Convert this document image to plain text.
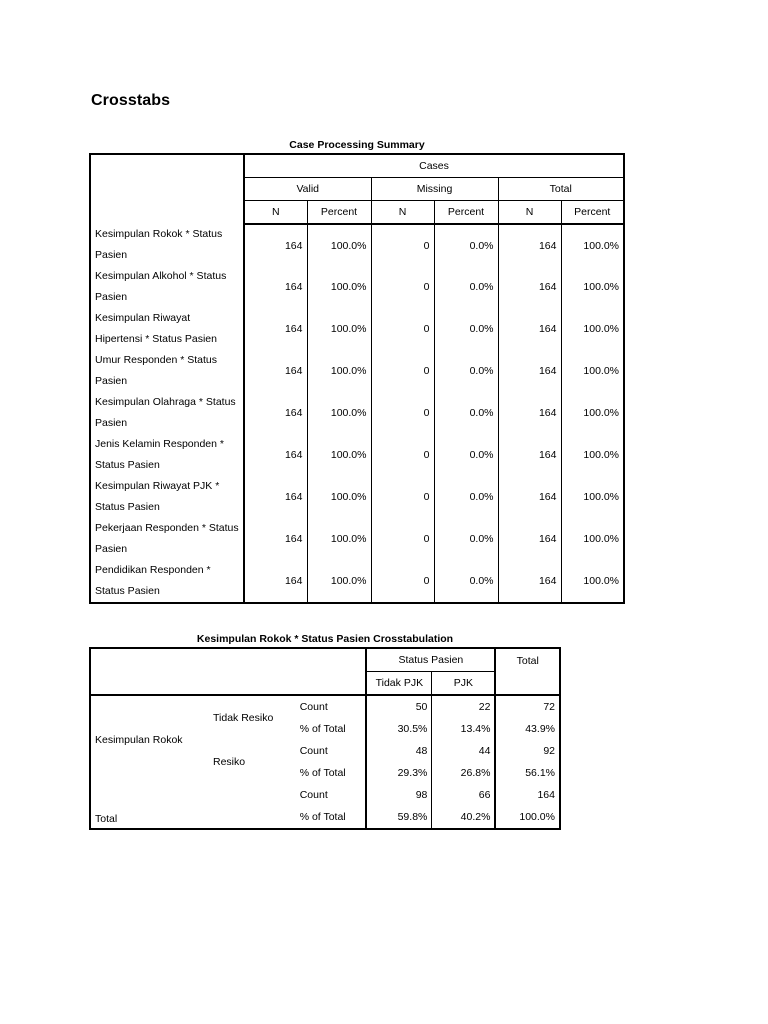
Crosstabs
Case Processing Summary
	Cases					
	Valid		Missing		Total	
	N	Percent	N	Percent	N	Percent
Kesimpulan Rokok * Status Pasien	164	100.0%	0	0.0%	164	100.0%
Kesimpulan Alkohol * Status Pasien	164	100.0%	0	0.0%	164	100.0%
Kesimpulan Riwayat Hipertensi * Status Pasien	164	100.0%	0	0.0%	164	100.0%
Umur Responden * Status Pasien	164	100.0%	0	0.0%	164	100.0%
Kesimpulan Olahraga * Status Pasien	164	100.0%	0	0.0%	164	100.0%
Jenis Kelamin Responden * Status Pasien	164	100.0%	0	0.0%	164	100.0%
Kesimpulan Riwayat PJK * Status Pasien	164	100.0%	0	0.0%	164	100.0%
Pekerjaan Responden * Status Pasien	164	100.0%	0	0.0%	164	100.0%
Pendidikan Responden * Status Pasien	164	100.0%	0	0.0%	164	100.0%
Kesimpulan Rokok * Status Pasien Crosstabulation
			Status Pasien		Total
			Tidak PJK	PJK	
Kesimpulan Rokok	Tidak Resiko	Count	50	22	72
		% of Total	30.5%	13.4%	43.9%
	Resiko	Count	48	44	92
		% of Total	29.3%	26.8%	56.1%
Total		Count	98	66	164
		% of Total	59.8%	40.2%	100.0%
